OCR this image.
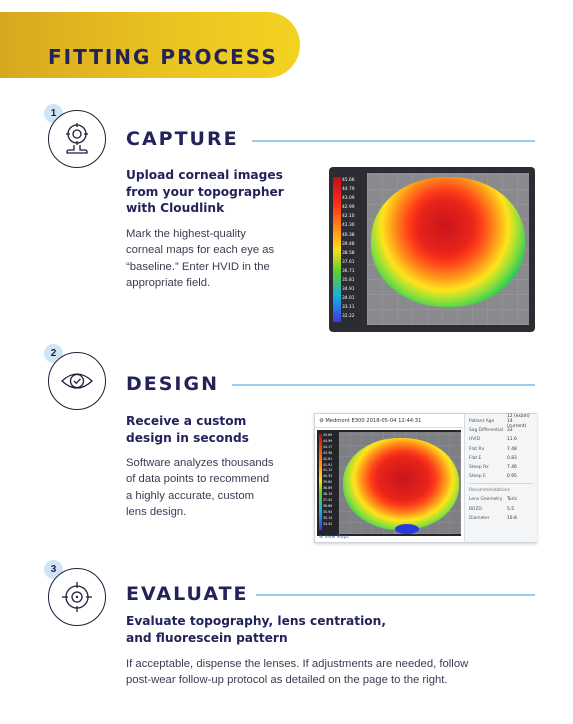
FITTING PROCESS
1
CAPTURE
Upload corneal images
from your topographer
with Cloudlink
Mark the highest-quality
corneal maps for each eye as
“baseline.” Enter HVID in the
appropriate field.
45.66
44.79
43.09
42.99
42.10
41.30
40.38
39.48
38.58
37.61
36.71
35.81
34.91
34.01
33.11
32.22
2
DESIGN
Receive a custom
design in seconds
Software analyzes thousands
of data points to recommend
a highly accurate, custom
lens design.
⚙ Medmont E300 2018-05-04 12:44:31
45.69
44.99
44.17
43.36
42.61
41.91
41.12
40.33
39.62
38.89
38.15
37.42
36.66
35.93
35.14
34.42
⊕ View Maps
Patient Age
12 (exam) 14 (current)
Sag Differential 33
HVID	11.6
Flat Rx	7.48
Flat E	0.83
Steep Rx	7.46
Steep E	0.95
Recommendations
Lens Geometry Toric
BOZD	5.5
Diameter	10.8
3
EVALUATE
Evaluate topography, lens centration,
and fluorescein pattern
If acceptable, dispense the lenses. If adjustments are needed, follow
post-wear follow-up protocol as detailed on the page to the right.
